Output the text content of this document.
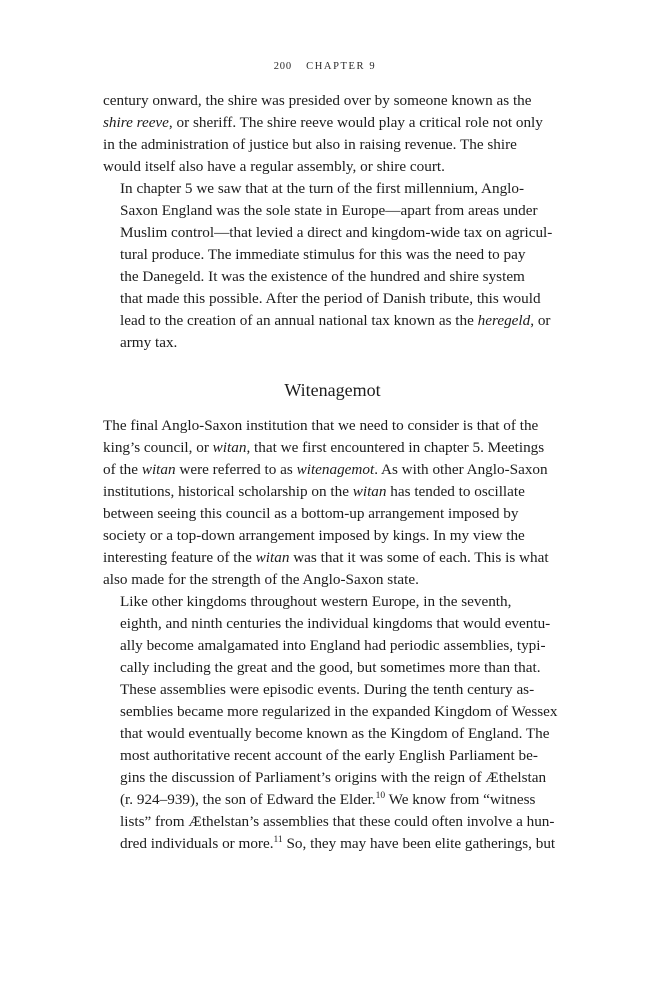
200 CHAPTER 9

century onward, the shire was presided over by someone known as the
shire reeve, or sheriff. The shire reeve would play a critical role not only
in the administration of justice but also in raising revenue. The shire
would itself also have a regular assembly, or shire court.

In chapter 5 we saw that at the turn of the first millennium, Anglo-
Saxon England was the sole state in Europe—apart from areas under
Muslim control—that levied a direct and kingdom-wide tax on agricul-
tural produce. The immediate stimulus for this was the need to pay
the Danegeld. It was the existence of the hundred and shire system
that made this possible. After the period of Danish tribute, this would
lead to the creation of an annual national tax known as the heregeld, or
army tax.

Witenagemot

The final Anglo-Saxon institution that we need to consider is that of the
king’s council, or witan, that we first encountered in chapter 5. Meetings
of the witan were referred to as witenagemot. As with other Anglo-Saxon
institutions, historical scholarship on the witan has tended to oscillate
between seeing this council as a bottom-up arrangement imposed by
society or a top-down arrangement imposed by kings. In my view the
interesting feature of the witan was that it was some of each. This is what
also made for the strength of the Anglo-Saxon state.

Like other kingdoms throughout western Europe, in the seventh,
eighth, and ninth centuries the individual kingdoms that would eventu-
ally become amalgamated into England had periodic assemblies, typi-
cally including the great and the good, but sometimes more than that.
These assemblies were episodic events. During the tenth century as-
semblies became more regularized in the expanded Kingdom of Wessex
that would eventually become known as the Kingdom of England. The
most authoritative recent account of the early English Parliament be-
gins the discussion of Parliament’s origins with the reign of Æthelstan
(r. 924–939), the son of Edward the Elder.$^{10}$ We know from “witness
lists” from Æthelstan’s assemblies that these could often involve a hun-
dred individuals or more.$^{11}$ So, they may have been elite gatherings, but
